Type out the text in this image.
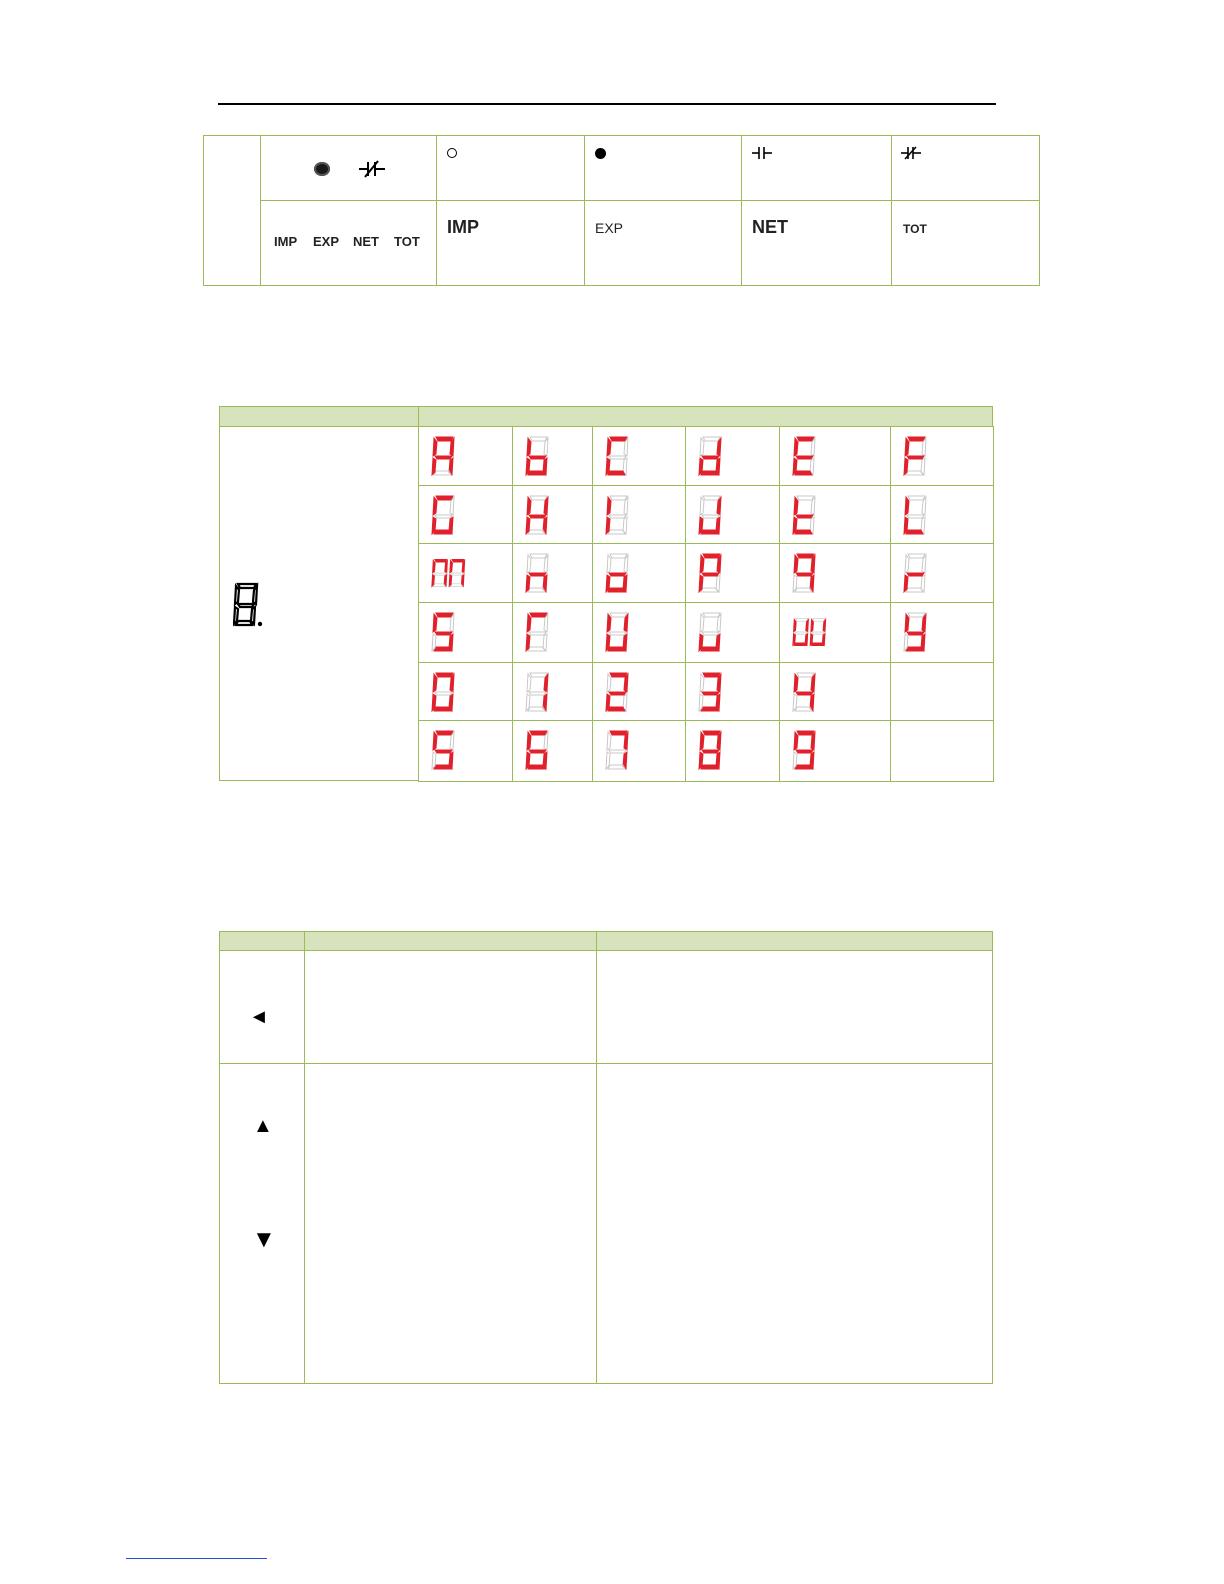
IMP EXP NET TOT
IMP	EXP	NET	TOT
◄
▲
▼
